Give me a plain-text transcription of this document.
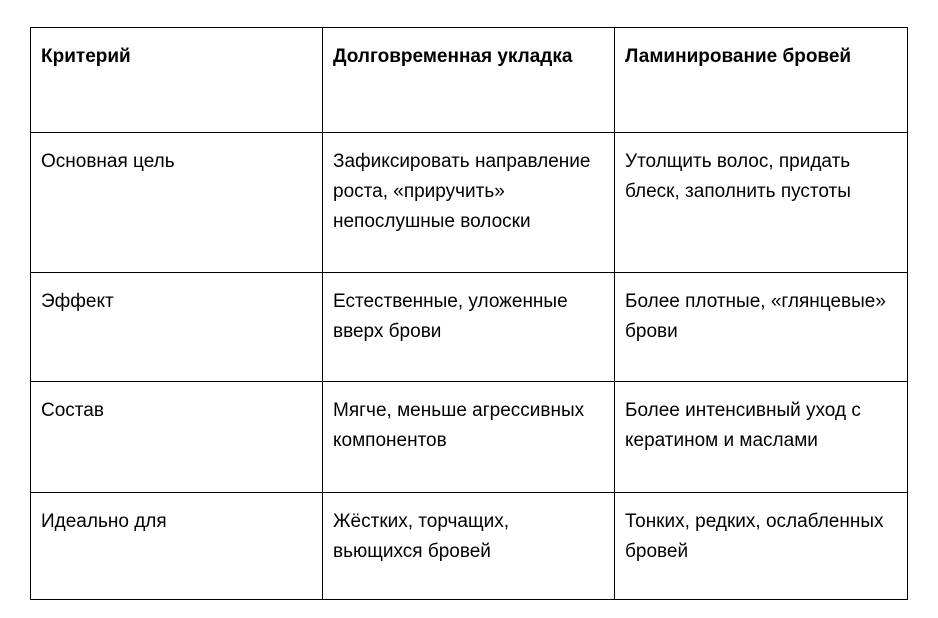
Критерий	Долговременная укладка	Ламинирование бровей
Основная цель	Зафиксировать направление роста, «приручить» непослушные волоски	Утолщить волос, придать блеск, заполнить пустоты
Эффект	Естественные, уложенные вверх брови	Более плотные, «глянцевые» брови
Состав	Мягче, меньше агрессивных компонентов	Более интенсивный уход с кератином и маслами
Идеально для	Жёстких, торчащих, вьющихся бровей	Тонких, редких, ослабленных бровей
